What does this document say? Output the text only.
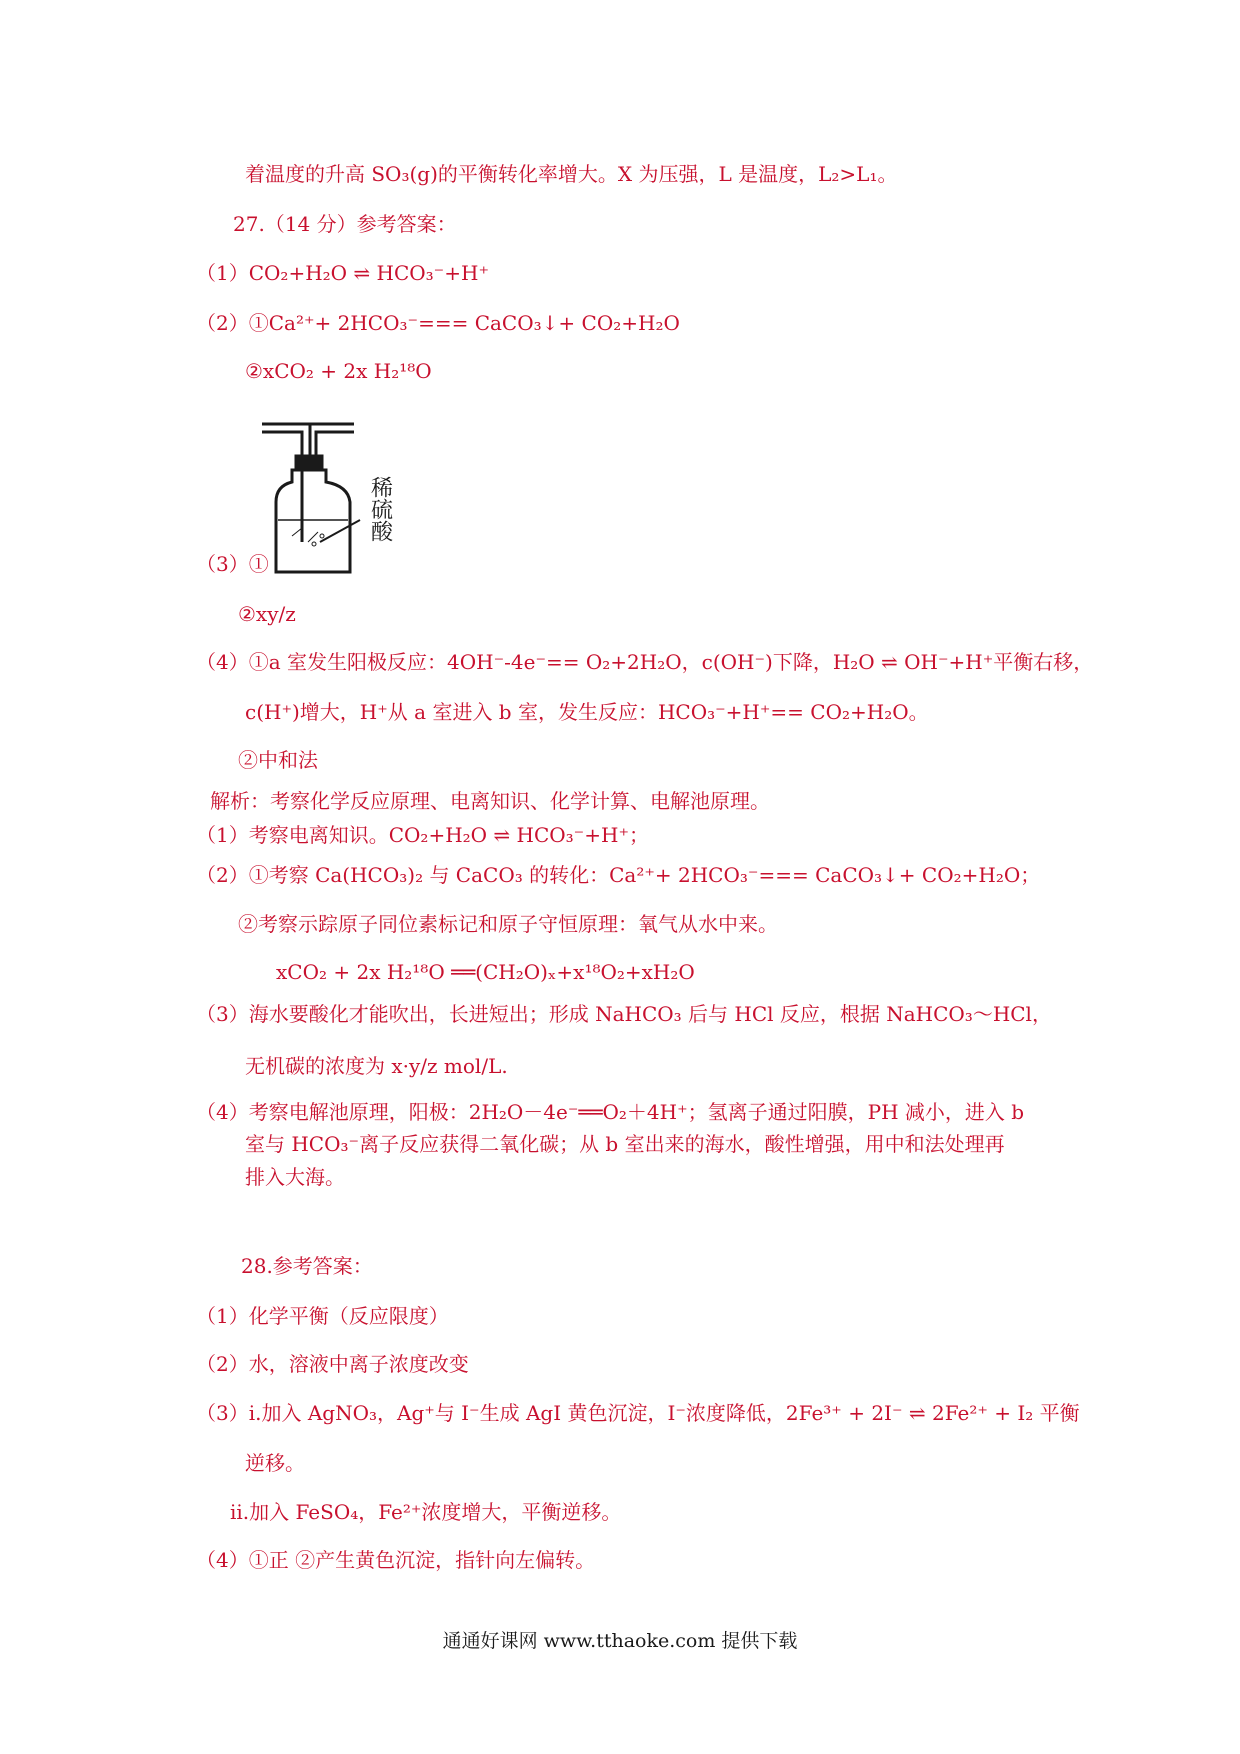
着温度的升高 SO₃(g)的平衡转化率增大。X 为压强，L 是温度，L₂>L₁。
27.（14 分）参考答案：
（1）CO₂+H₂O ⇌ HCO₃⁻+H⁺
（2）①Ca²⁺+ 2HCO₃⁻=== CaCO₃↓+ CO₂+H₂O
②xCO₂ + 2x H₂¹⁸O
稀硫酸
（3）①
②xy/z
（4）①a 室发生阳极反应：4OH⁻-4e⁻== O₂+2H₂O，c(OH⁻)下降，H₂O ⇌ OH⁻+H⁺平衡右移，
c(H⁺)增大，H⁺从 a 室进入 b 室，发生反应：HCO₃⁻+H⁺== CO₂+H₂O。
②中和法
解析：考察化学反应原理、电离知识、化学计算、电解池原理。
（1）考察电离知识。CO₂+H₂O ⇌ HCO₃⁻+H⁺；
（2）①考察 Ca(HCO₃)₂ 与 CaCO₃ 的转化：Ca²⁺+ 2HCO₃⁻=== CaCO₃↓+ CO₂+H₂O；
②考察示踪原子同位素标记和原子守恒原理：氧气从水中来。
xCO₂ + 2x H₂¹⁸O ══(CH₂O)ₓ+x¹⁸O₂+xH₂O
（3）海水要酸化才能吹出，长进短出；形成 NaHCO₃ 后与 HCl 反应，根据 NaHCO₃～HCl，
无机碳的浓度为 x·y/z mol/L.
（4）考察电解池原理，阳极：2H₂O－4e⁻══O₂＋4H⁺；氢离子通过阳膜，PH 减小，进入 b
室与 HCO₃⁻离子反应获得二氧化碳；从 b 室出来的海水，酸性增强，用中和法处理再
排入大海。
28.参考答案：
（1）化学平衡（反应限度）
（2）水，溶液中离子浓度改变
（3）i.加入 AgNO₃，Ag⁺与 I⁻生成 AgI 黄色沉淀，I⁻浓度降低，2Fe³⁺ + 2I⁻ ⇌ 2Fe²⁺ + I₂ 平衡
逆移。
ii.加入 FeSO₄，Fe²⁺浓度增大，平衡逆移。
（4）①正 ②产生黄色沉淀，指针向左偏转。
通通好课网 www.tthaoke.com 提供下载
